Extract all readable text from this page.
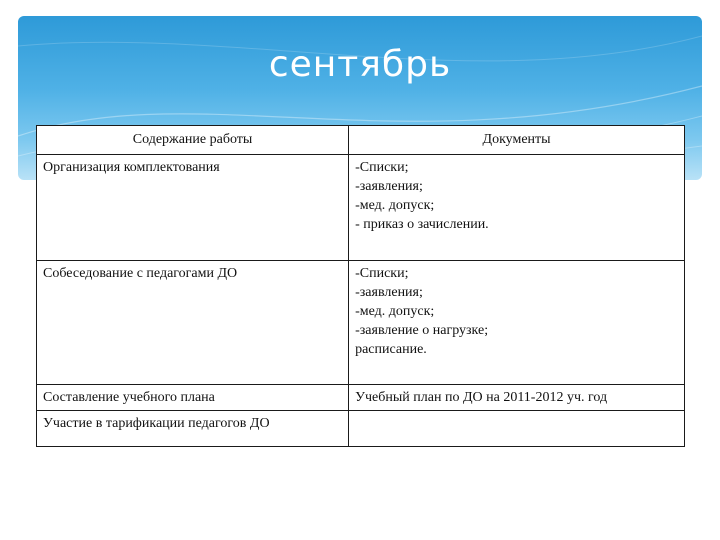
сентябрь
Содержание работы	Документы
Организация комплектования	-Списки;
-заявления;
-мед. допуск;
- приказ о зачислении.

Собеседование с педагогами ДО	-Списки;
-заявления;
-мед. допуск;
-заявление о нагрузке;
расписание.

Составление учебного плана	Учебный план по ДО на 2011-2012 уч. год

Участие в тарификации педагогов ДО	
